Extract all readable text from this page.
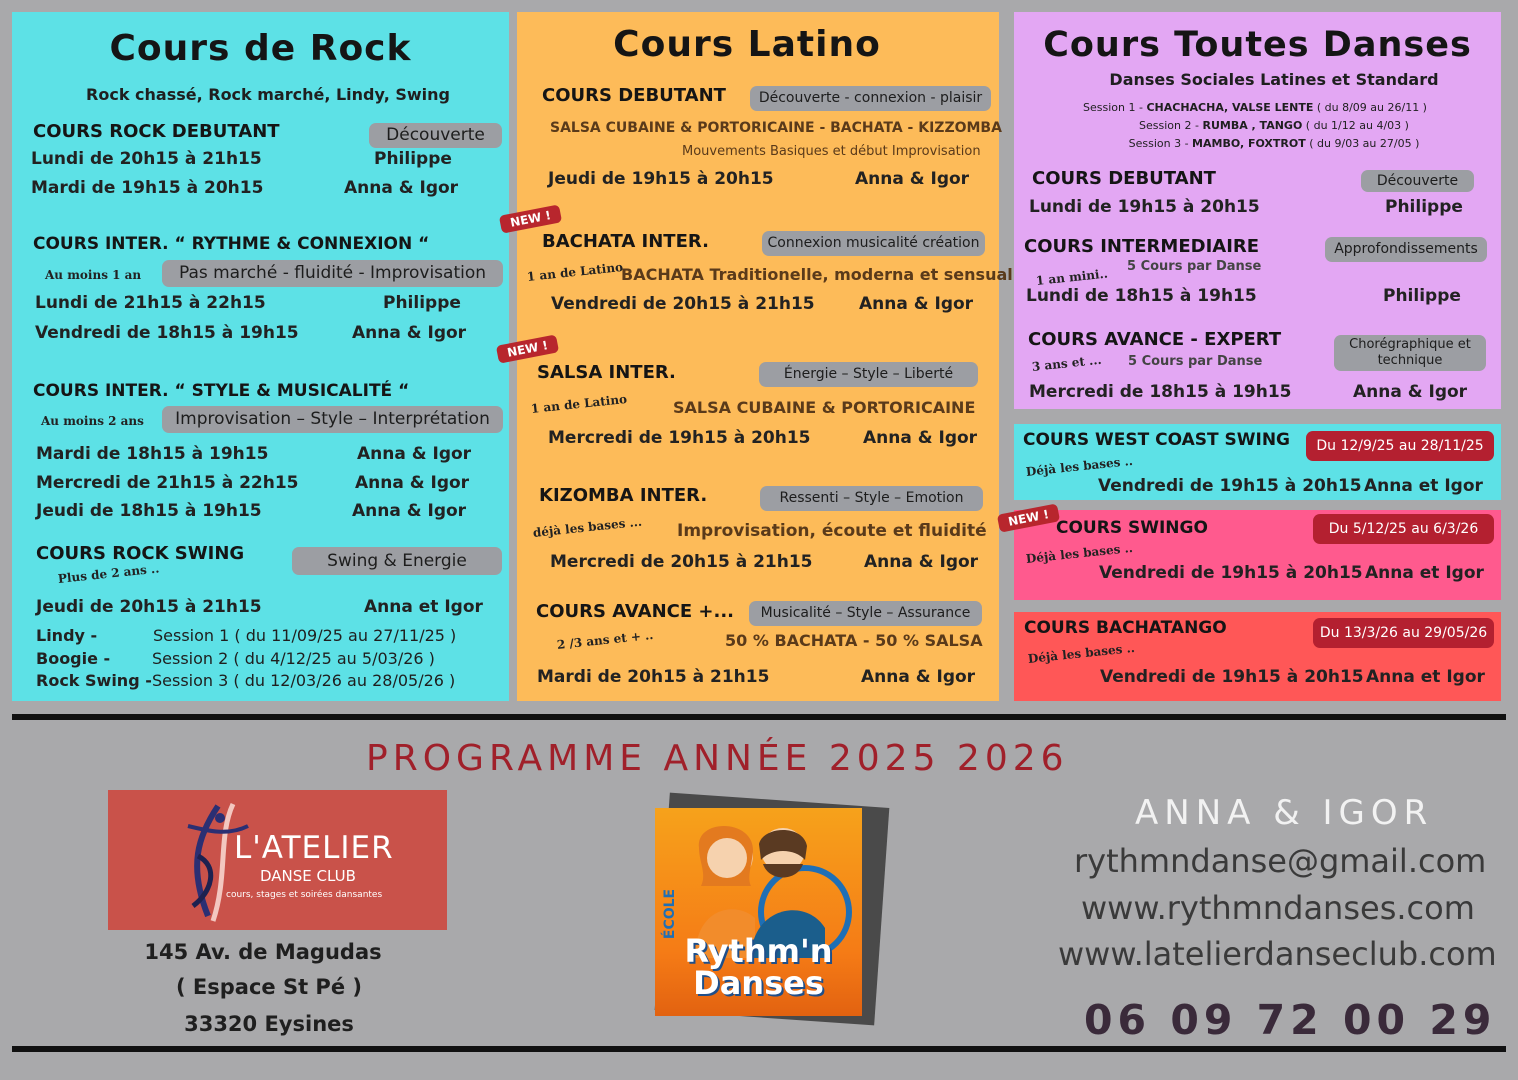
Cours de Rock
Rock chassé, Rock marché, Lindy, Swing
COURS ROCK DEBUTANT	Découverte
Lundi de 20h15 à 21h15	Philippe
Mardi de 19h15 à 20h15	Anna & Igor
COURS INTER. “ RYTHME & CONNEXION “
Au moins 1 an	Pas marché - fluidité - Improvisation
Lundi de 21h15 à 22h15	Philippe
Vendredi de 18h15 à 19h15	Anna & Igor
COURS INTER. “ STYLE & MUSICALITÉ “
Au moins 2 ans	Improvisation – Style – Interprétation
Mardi de 18h15 à 19h15	Anna & Igor
Mercredi de 21h15 à 22h15	Anna & Igor
Jeudi de 18h15 à 19h15	Anna & Igor
COURS ROCK SWING
Plus de 2 ans ..
Swing & Energie
Jeudi de 20h15 à 21h15	Anna et Igor
Lindy -	Session 1 ( du 11/09/25 au 27/11/25 )
Boogie -	Session 2 ( du 4/12/25 au 5/03/26 )
Rock Swing - Session 3 ( du 12/03/26 au 28/05/26 )
Cours Latino
COURS DEBUTANT	Découverte - connexion - plaisir
SALSA CUBAINE & PORTORICAINE - BACHATA - KIZZOMBA
Mouvements Basiques et début Improvisation
Jeudi de 19h15 à 20h15	Anna & Igor
BACHATA INTER.	Connexion musicalité création
1 an de Latino
BACHATA Traditionelle, moderna et sensual
Vendredi de 20h15 à 21h15	Anna & Igor
SALSA INTER.	Énergie – Style – Liberté
1 an de Latino	SALSA CUBAINE & PORTORICAINE
Mercredi de 19h15 à 20h15	Anna & Igor
KIZOMBA INTER.	Ressenti – Style – Emotion
déjà les bases ... Improvisation, écoute et fluidité
Mercredi de 20h15 à 21h15	Anna & Igor
COURS AVANCE +...	Musicalité – Style – Assurance
2 /3 ans et + ..	50 % BACHATA - 50 % SALSA
Mardi de 20h15 à 21h15	Anna & Igor
NEW !
NEW !
Cours Toutes Danses
Danses Sociales Latines et Standard
Session 1 - CHACHACHA, VALSE LENTE ( du 8/09 au 26/11 )
Session 2 - RUMBA , TANGO ( du 1/12 au 4/03 )
Session 3 - MAMBO, FOXTROT ( du 9/03 au 27/05 )
COURS DEBUTANT	Découverte
Lundi de 19h15 à 20h15	Philippe
COURS INTERMEDIAIRE	Approfondissements
1 an mini..
5 Cours par Danse
Lundi de 18h15 à 19h15	Philippe
COURS AVANCE - EXPERT	Chorégraphique et technique
3 ans et ... 5 Cours par Danse
Mercredi de 18h15 à 19h15	Anna & Igor
COURS WEST COAST SWING	Du 12/9/25 au 28/11/25
Déjà les bases ..
Vendredi de 19h15 à 20h15 Anna et Igor
COURS SWINGO	Du 5/12/25 au 6/3/26
Déjà les bases ..
Vendredi de 19h15 à 20h15 Anna et Igor
NEW !
COURS BACHATANGO	Du 13/3/26 au 29/05/26
Déjà les bases ..
Vendredi de 19h15 à 20h15 Anna et Igor
PROGRAMME ANNÉE 2025 2026
L'ATELIER
DANSE CLUB
cours, stages et soirées dansantes
145 Av. de Magudas
( Espace St Pé )
33320 Eysines
ÉCOLE
Rythm'n
Danses
ANNA & IGOR
rythmndanse@gmail.com
www.rythmndanses.com
www.latelierdanseclub.com
06 09 72 00 29
